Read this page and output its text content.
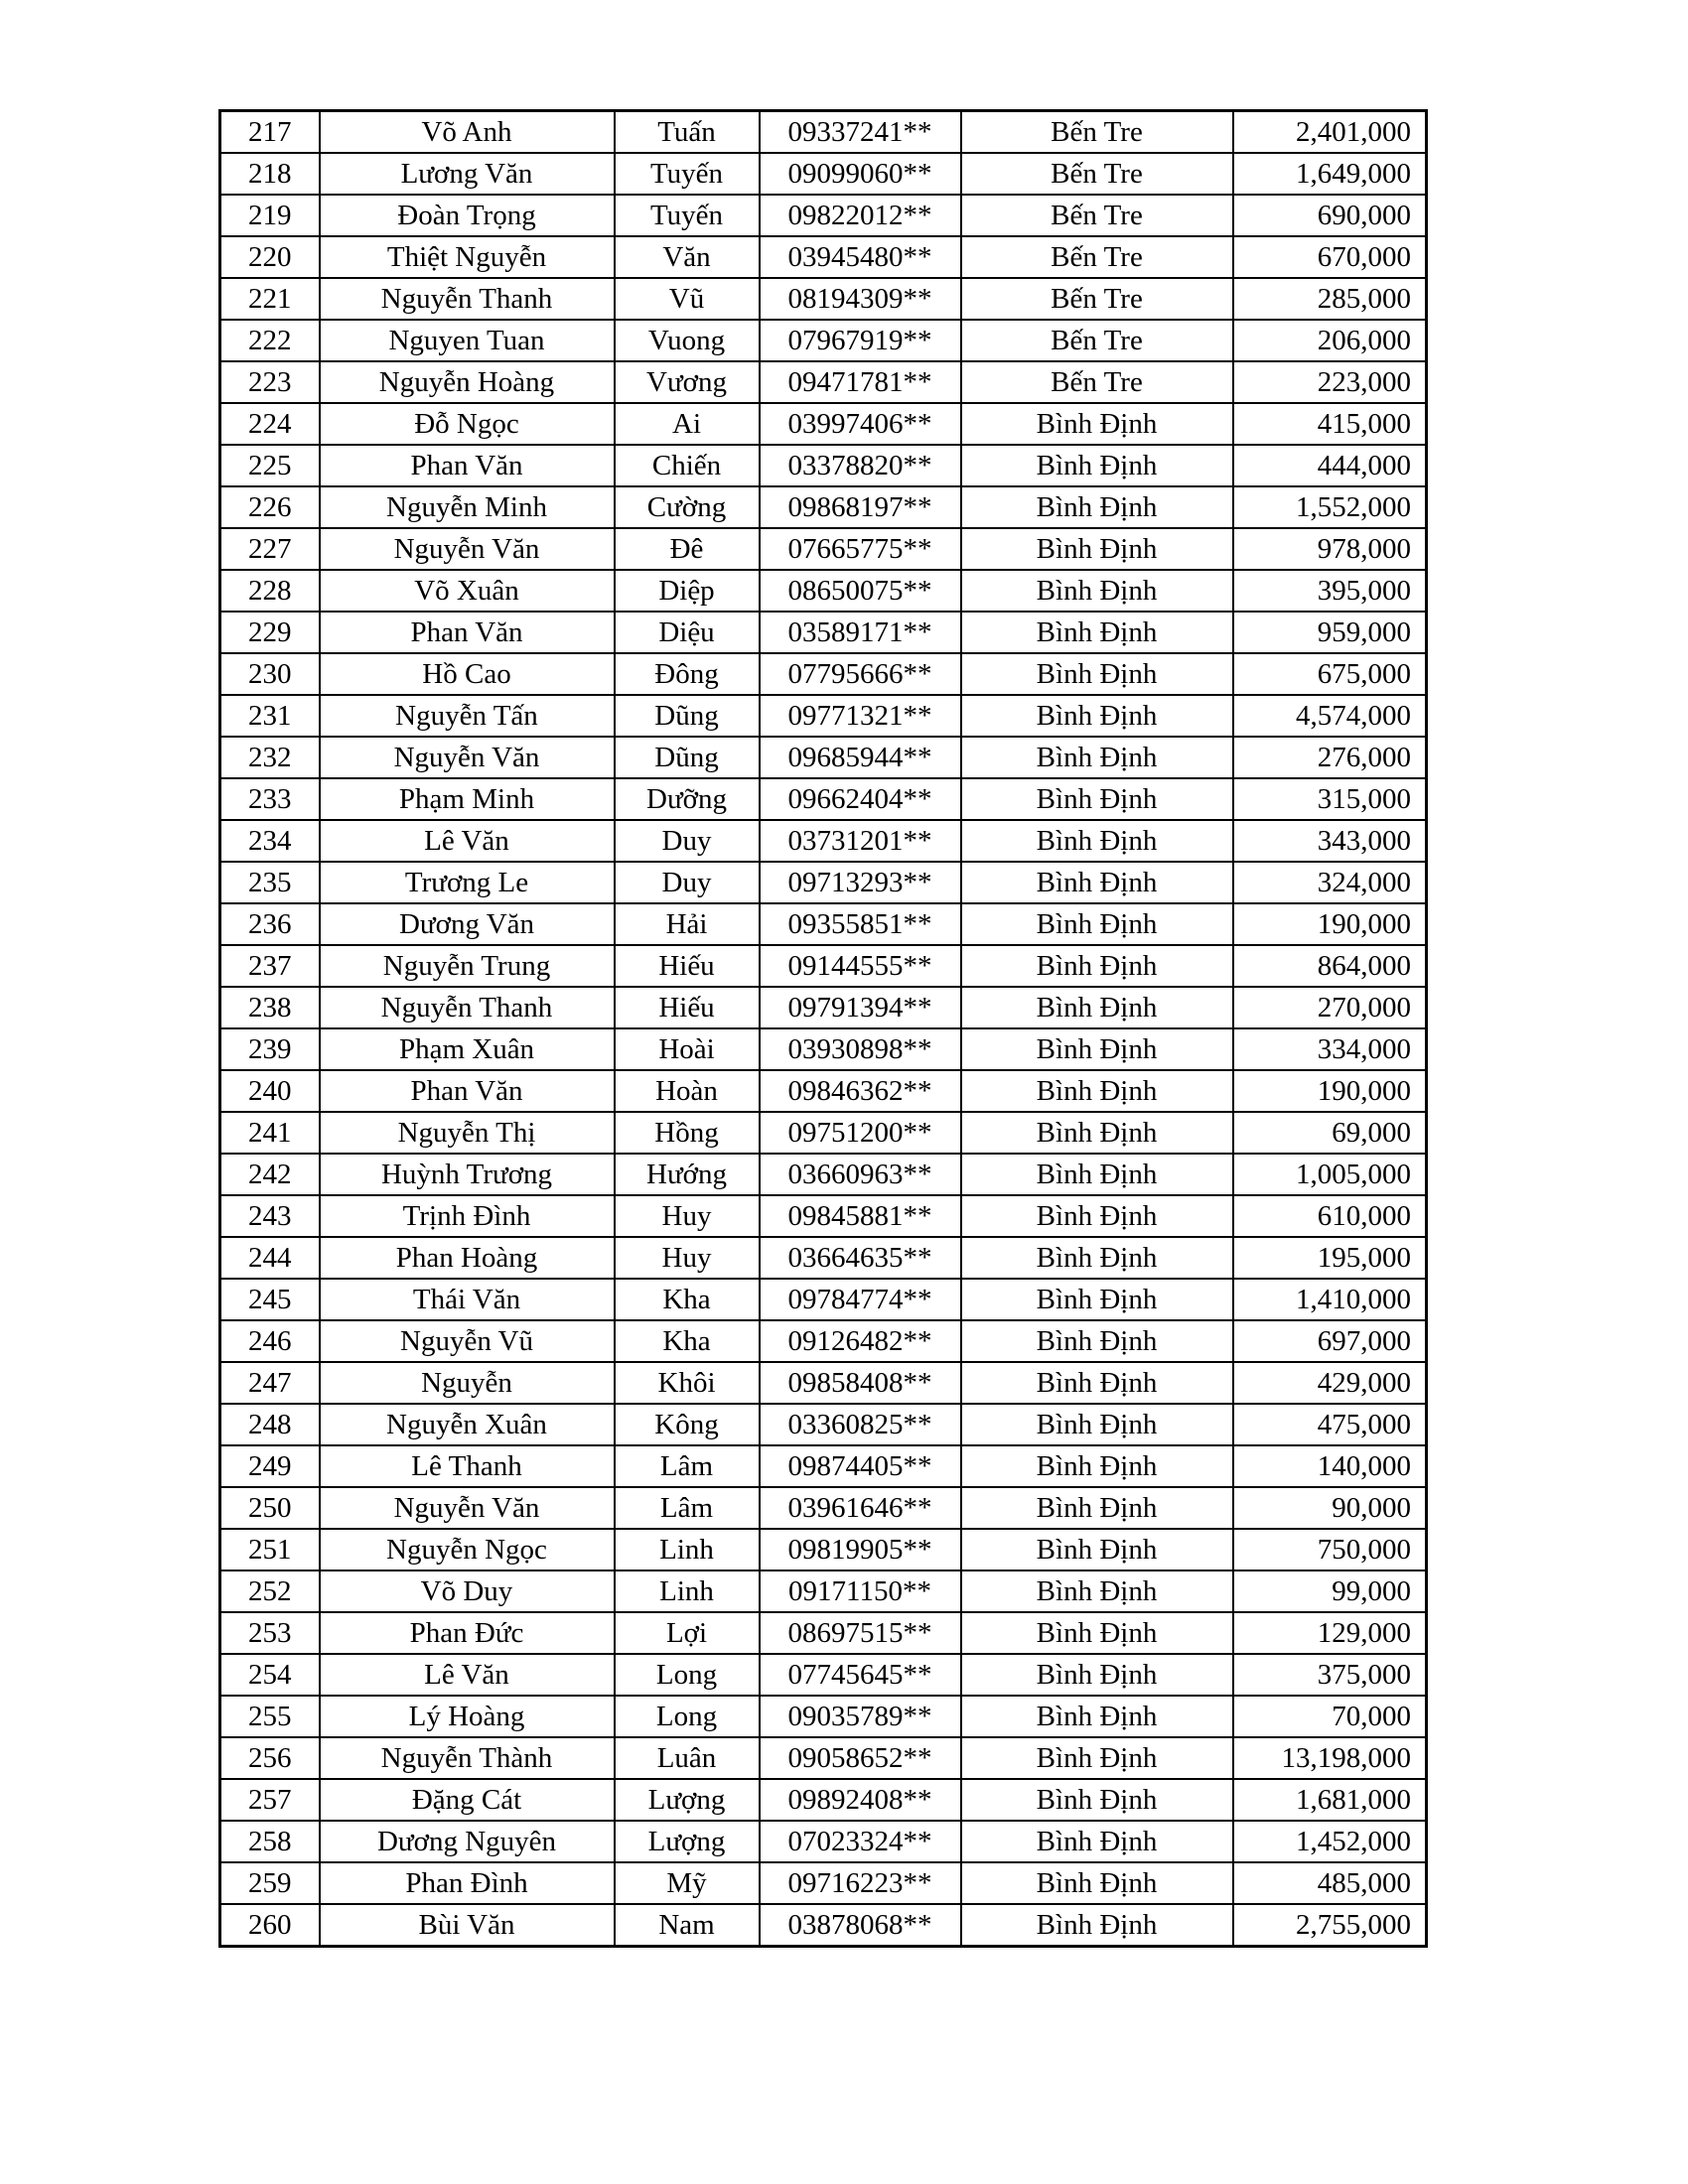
217	Võ Anh	Tuấn	09337241**	Bến Tre	2,401,000
218	Lương Văn	Tuyến	09099060**	Bến Tre	1,649,000
219	Đoàn Trọng	Tuyến	09822012**	Bến Tre	690,000
220	Thiệt Nguyễn	Văn	03945480**	Bến Tre	670,000
221	Nguyễn Thanh	Vũ	08194309**	Bến Tre	285,000
222	Nguyen Tuan	Vuong	07967919**	Bến Tre	206,000
223	Nguyễn Hoàng	Vương	09471781**	Bến Tre	223,000
224	Đỗ Ngọc	Ai	03997406**	Bình Định	415,000
225	Phan Văn	Chiến	03378820**	Bình Định	444,000
226	Nguyễn Minh	Cường	09868197**	Bình Định	1,552,000
227	Nguyễn Văn	Đê	07665775**	Bình Định	978,000
228	Võ Xuân	Diệp	08650075**	Bình Định	395,000
229	Phan Văn	Diệu	03589171**	Bình Định	959,000
230	Hồ Cao	Đông	07795666**	Bình Định	675,000
231	Nguyễn Tấn	Dũng	09771321**	Bình Định	4,574,000
232	Nguyễn Văn	Dũng	09685944**	Bình Định	276,000
233	Phạm Minh	Dưỡng	09662404**	Bình Định	315,000
234	Lê Văn	Duy	03731201**	Bình Định	343,000
235	Trương Le	Duy	09713293**	Bình Định	324,000
236	Dương Văn	Hải	09355851**	Bình Định	190,000
237	Nguyễn Trung	Hiếu	09144555**	Bình Định	864,000
238	Nguyễn Thanh	Hiếu	09791394**	Bình Định	270,000
239	Phạm Xuân	Hoài	03930898**	Bình Định	334,000
240	Phan Văn	Hoàn	09846362**	Bình Định	190,000
241	Nguyễn Thị	Hồng	09751200**	Bình Định	69,000
242	Huỳnh Trương	Hướng	03660963**	Bình Định	1,005,000
243	Trịnh Đình	Huy	09845881**	Bình Định	610,000
244	Phan Hoàng	Huy	03664635**	Bình Định	195,000
245	Thái Văn	Kha	09784774**	Bình Định	1,410,000
246	Nguyễn Vũ	Kha	09126482**	Bình Định	697,000
247	Nguyễn	Khôi	09858408**	Bình Định	429,000
248	Nguyễn Xuân	Kông	03360825**	Bình Định	475,000
249	Lê Thanh	Lâm	09874405**	Bình Định	140,000
250	Nguyễn Văn	Lâm	03961646**	Bình Định	90,000
251	Nguyễn Ngọc	Linh	09819905**	Bình Định	750,000
252	Võ Duy	Linh	09171150**	Bình Định	99,000
253	Phan Đức	Lợi	08697515**	Bình Định	129,000
254	Lê Văn	Long	07745645**	Bình Định	375,000
255	Lý Hoàng	Long	09035789**	Bình Định	70,000
256	Nguyễn Thành	Luân	09058652**	Bình Định	13,198,000
257	Đặng Cát	Lượng	09892408**	Bình Định	1,681,000
258	Dương Nguyên	Lượng	07023324**	Bình Định	1,452,000
259	Phan Đình	Mỹ	09716223**	Bình Định	485,000
260	Bùi Văn	Nam	03878068**	Bình Định	2,755,000
